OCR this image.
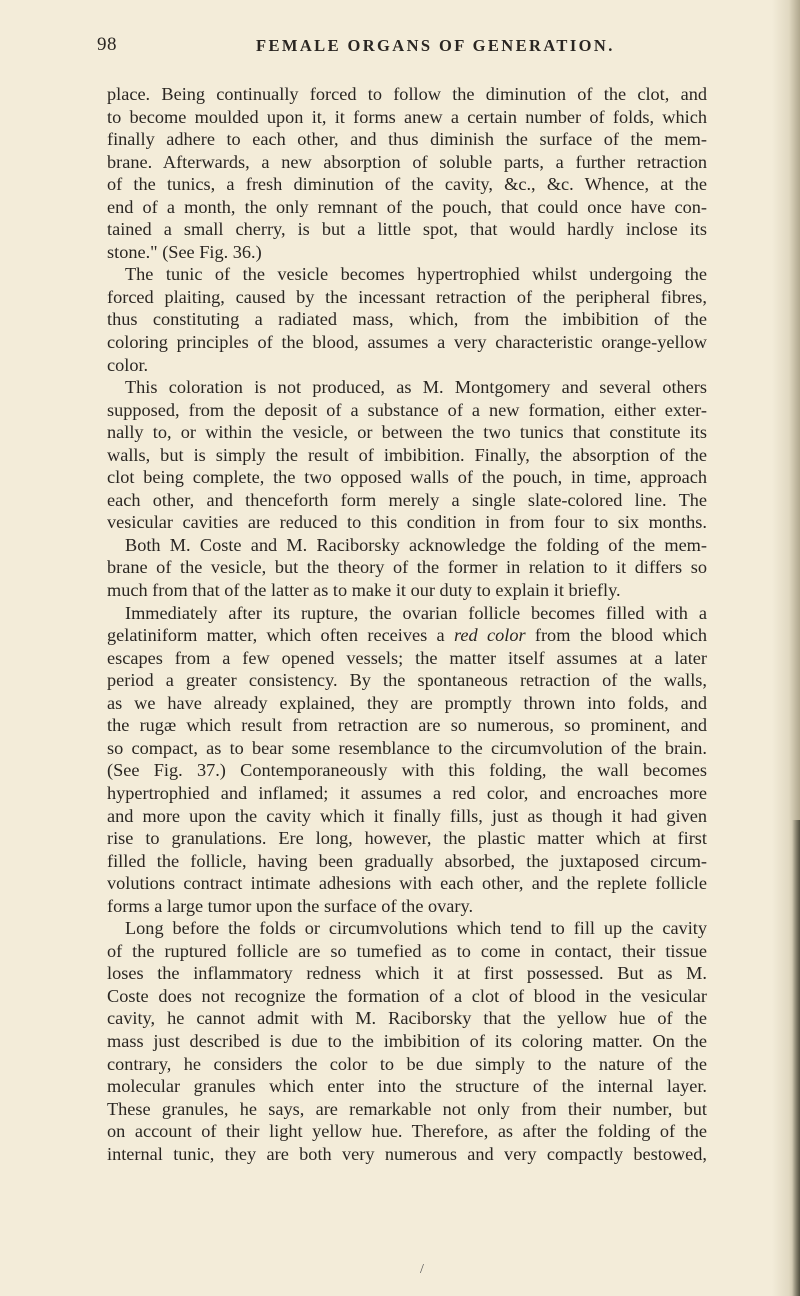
98	FEMALE ORGANS OF GENERATION.
place. Being continually forced to follow the diminution of the clot, and
to become moulded upon it, it forms anew a certain number of folds, which
finally adhere to each other, and thus diminish the surface of the mem-
brane. Afterwards, a new absorption of soluble parts, a further retraction
of the tunics, a fresh diminution of the cavity, &c., &c. Whence, at the
end of a month, the only remnant of the pouch, that could once have con-
tained a small cherry, is but a little spot, that would hardly inclose its
stone." (See Fig. 36.)
The tunic of the vesicle becomes hypertrophied whilst undergoing the
forced plaiting, caused by the incessant retraction of the peripheral fibres,
thus constituting a radiated mass, which, from the imbibition of the
coloring principles of the blood, assumes a very characteristic orange-yellow
color.
This coloration is not produced, as M. Montgomery and several others
supposed, from the deposit of a substance of a new formation, either exter-
nally to, or within the vesicle, or between the two tunics that constitute its
walls, but is simply the result of imbibition. Finally, the absorption of the
clot being complete, the two opposed walls of the pouch, in time, approach
each other, and thenceforth form merely a single slate-colored line. The
vesicular cavities are reduced to this condition in from four to six months.
Both M. Coste and M. Raciborsky acknowledge the folding of the mem-
brane of the vesicle, but the theory of the former in relation to it differs so
much from that of the latter as to make it our duty to explain it briefly.
Immediately after its rupture, the ovarian follicle becomes filled with a
gelatiniform matter, which often receives a red color from the blood which
escapes from a few opened vessels; the matter itself assumes at a later
period a greater consistency. By the spontaneous retraction of the walls,
as we have already explained, they are promptly thrown into folds, and
the rugæ which result from retraction are so numerous, so prominent, and
so compact, as to bear some resemblance to the circumvolution of the brain.
(See Fig. 37.) Contemporaneously with this folding, the wall becomes
hypertrophied and inflamed; it assumes a red color, and encroaches more
and more upon the cavity which it finally fills, just as though it had given
rise to granulations. Ere long, however, the plastic matter which at first
filled the follicle, having been gradually absorbed, the juxtaposed circum-
volutions contract intimate adhesions with each other, and the replete follicle
forms a large tumor upon the surface of the ovary.
Long before the folds or circumvolutions which tend to fill up the cavity
of the ruptured follicle are so tumefied as to come in contact, their tissue
loses the inflammatory redness which it at first possessed. But as M.
Coste does not recognize the formation of a clot of blood in the vesicular
cavity, he cannot admit with M. Raciborsky that the yellow hue of the
mass just described is due to the imbibition of its coloring matter. On the
contrary, he considers the color to be due simply to the nature of the
molecular granules which enter into the structure of the internal layer.
These granules, he says, are remarkable not only from their number, but
on account of their light yellow hue. Therefore, as after the folding of the
internal tunic, they are both very numerous and very compactly bestowed,
/
